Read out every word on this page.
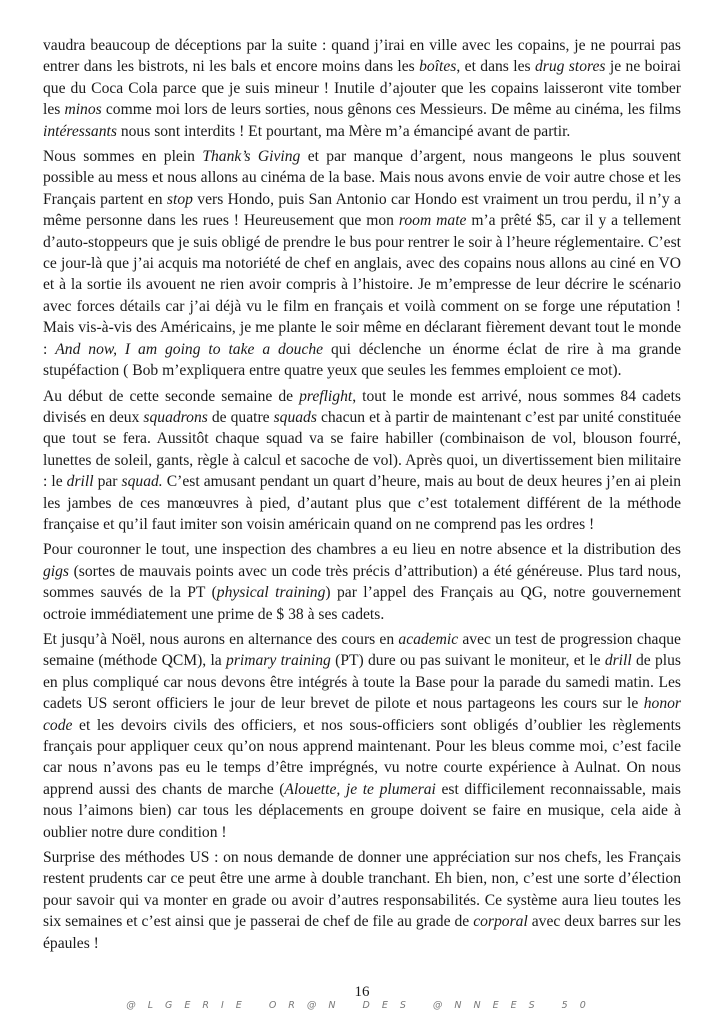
vaudra beaucoup de déceptions par la suite : quand j’irai en ville avec les copains, je ne pourrai pas entrer dans les bistrots, ni les bals et encore moins dans les boîtes, et dans les drug stores je ne boirai que du Coca Cola parce que je suis mineur ! Inutile d’ajouter que les copains laisseront vite tomber les minos comme moi lors de leurs sorties, nous gênons ces Messieurs. De même au cinéma, les films intéressants nous sont interdits ! Et pourtant, ma Mère m’a émancipé avant de partir.

Nous sommes en plein Thank’s Giving et par manque d’argent, nous mangeons le plus souvent possible au mess et nous allons au cinéma de la base. Mais nous avons envie de voir autre chose et les Français partent en stop vers Hondo, puis San Antonio car Hondo est vraiment un trou perdu, il n’y a même personne dans les rues ! Heureusement que mon room mate m’a prêté $5, car il y a tellement d’auto-stoppeurs que je suis obligé de prendre le bus pour rentrer le soir à l’heure réglementaire. C’est ce jour-là que j’ai acquis ma notoriété de chef en anglais, avec des copains nous allons au ciné en VO et à la sortie ils avouent ne rien avoir compris à l’histoire. Je m’empresse de leur décrire le scénario avec forces détails car j’ai déjà vu le film en français et voilà comment on se forge une réputation ! Mais vis-à-vis des Américains, je me plante le soir même en déclarant fièrement devant tout le monde : And now, I am going to take a douche qui déclenche un énorme éclat de rire à ma grande stupéfaction ( Bob m’expliquera entre quatre yeux que seules les femmes emploient ce mot).

Au début de cette seconde semaine de preflight, tout le monde est arrivé, nous sommes 84 cadets divisés en deux squadrons de quatre squads chacun et à partir de maintenant c’est par unité constituée que tout se fera. Aussitôt chaque squad va se faire habiller (combinaison de vol, blouson fourré, lunettes de soleil, gants, règle à calcul et sacoche de vol). Après quoi, un divertissement bien militaire : le drill par squad. C’est amusant pendant un quart d’heure, mais au bout de deux heures j’en ai plein les jambes de ces manœuvres à pied, d’autant plus que c’est totalement différent de la méthode française et qu’il faut imiter son voisin américain quand on ne comprend pas les ordres !

Pour couronner le tout, une inspection des chambres a eu lieu en notre absence et la distribution des gigs (sortes de mauvais points avec un code très précis d’attribution) a été généreuse. Plus tard nous, sommes sauvés de la PT (physical training) par l’appel des Français au QG, notre gouvernement octroie immédiatement une prime de $ 38 à ses cadets.

Et jusqu’à Noël, nous aurons en alternance des cours en academic avec un test de progression chaque semaine (méthode QCM), la primary training (PT) dure ou pas suivant le moniteur, et le drill de plus en plus compliqué car nous devons être intégrés à toute la Base pour la parade du samedi matin. Les cadets US seront officiers le jour de leur brevet de pilote et nous partageons les cours sur le honor code et les devoirs civils des officiers, et nos sous-officiers sont obligés d’oublier les règlements français pour appliquer ceux qu’on nous apprend maintenant. Pour les bleus comme moi, c’est facile car nous n’avons pas eu le temps d’être imprégnés, vu notre courte expérience à Aulnat. On nous apprend aussi des chants de marche (Alouette, je te plumerai est difficilement reconnaissable, mais nous l’aimons bien) car tous les déplacements en groupe doivent se faire en musique, cela aide à oublier notre dure condition !

Surprise des méthodes US : on nous demande de donner une appréciation sur nos chefs, les Français restent prudents car ce peut être une arme à double tranchant. Eh bien, non, c’est une sorte d’élection pour savoir qui va monter en grade ou avoir d’autres responsabilités. Ce système aura lieu toutes les six semaines et c’est ainsi que je passerai de chef de file au grade de corporal avec deux barres sur les épaules !

16
@LGERIE OR@N DES @NNEES 50
